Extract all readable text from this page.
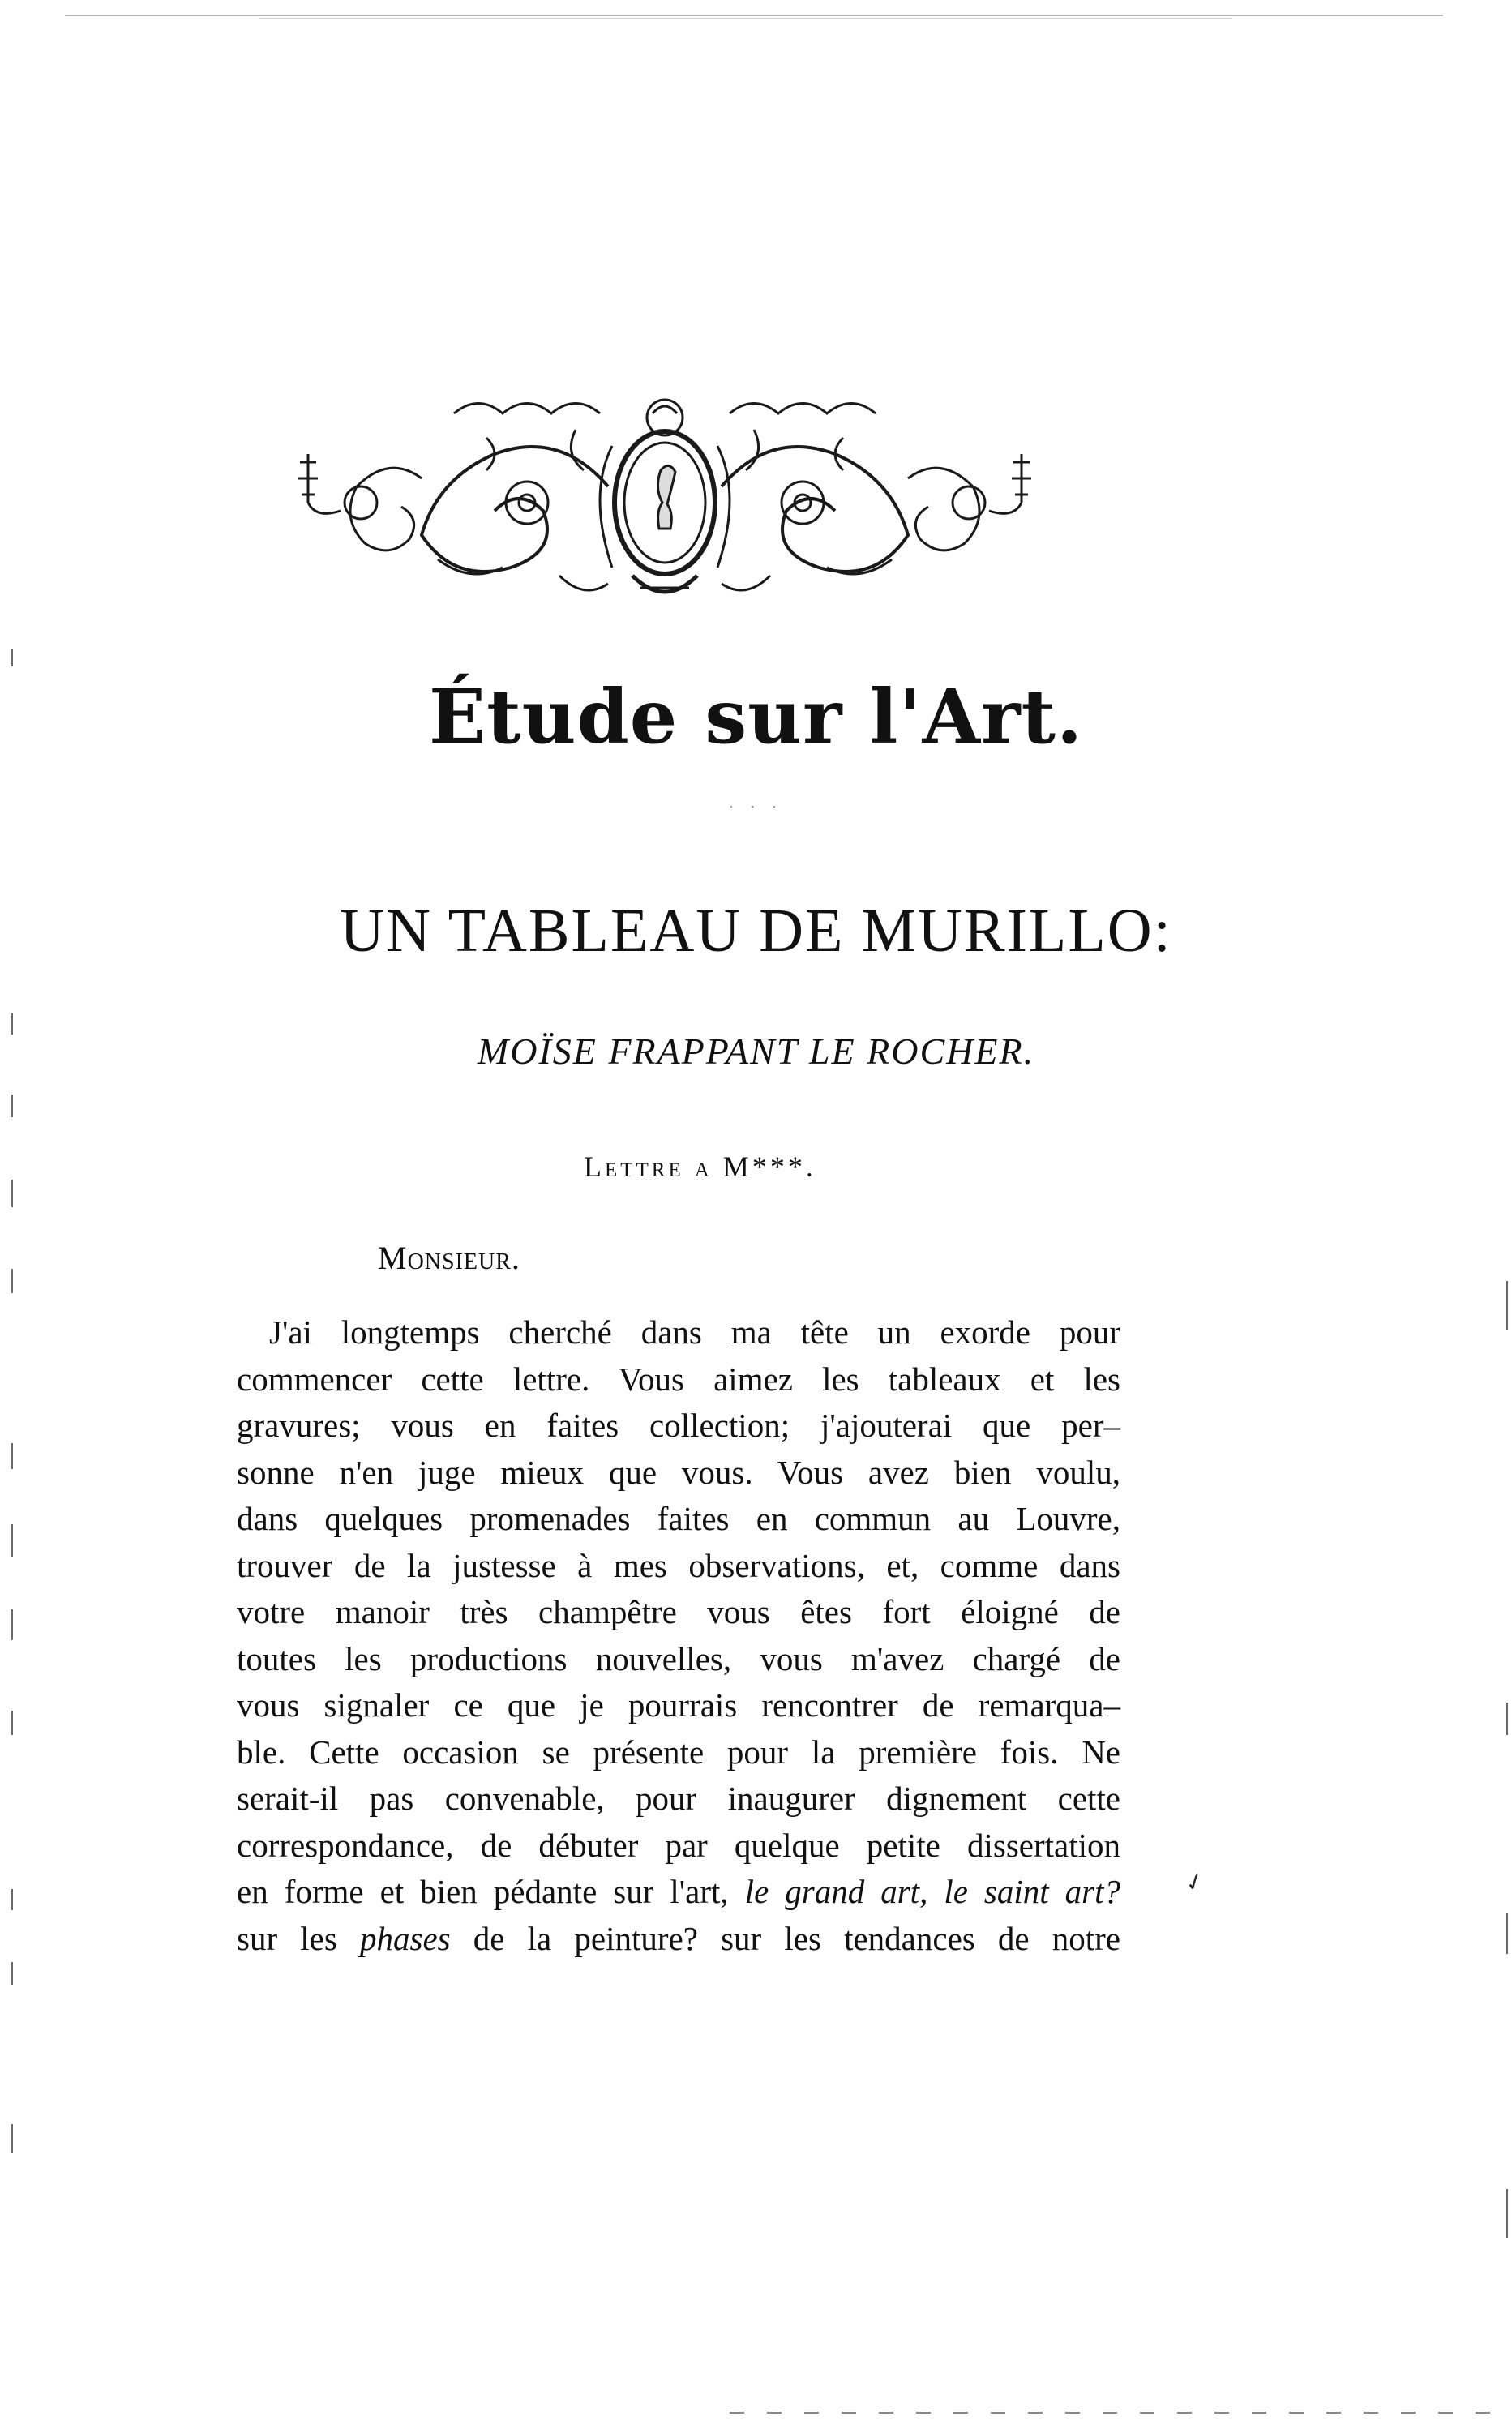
Étude sur l'Art.
· · ·
UN TABLEAU DE MURILLO:
MOÏSE FRAPPANT LE ROCHER.
Lettre a M***.
Monsieur.
J'ai longtemps cherché dans ma tête un exorde pour
commencer cette lettre. Vous aimez les tableaux et les
gravures; vous en faites collection; j'ajouterai que per–
sonne n'en juge mieux que vous. Vous avez bien voulu,
dans quelques promenades faites en commun au Louvre,
trouver de la justesse à mes observations, et, comme dans
votre manoir très champêtre vous êtes fort éloigné de
toutes les productions nouvelles, vous m'avez chargé de
vous signaler ce que je pourrais rencontrer de remarqua–
ble. Cette occasion se présente pour la première fois. Ne
serait-il pas convenable, pour inaugurer dignement cette
correspondance, de débuter par quelque petite dissertation
en forme et bien pédante sur l'art, le grand art, le saint art?
sur les phases de la peinture? sur les tendances de notre
✓
